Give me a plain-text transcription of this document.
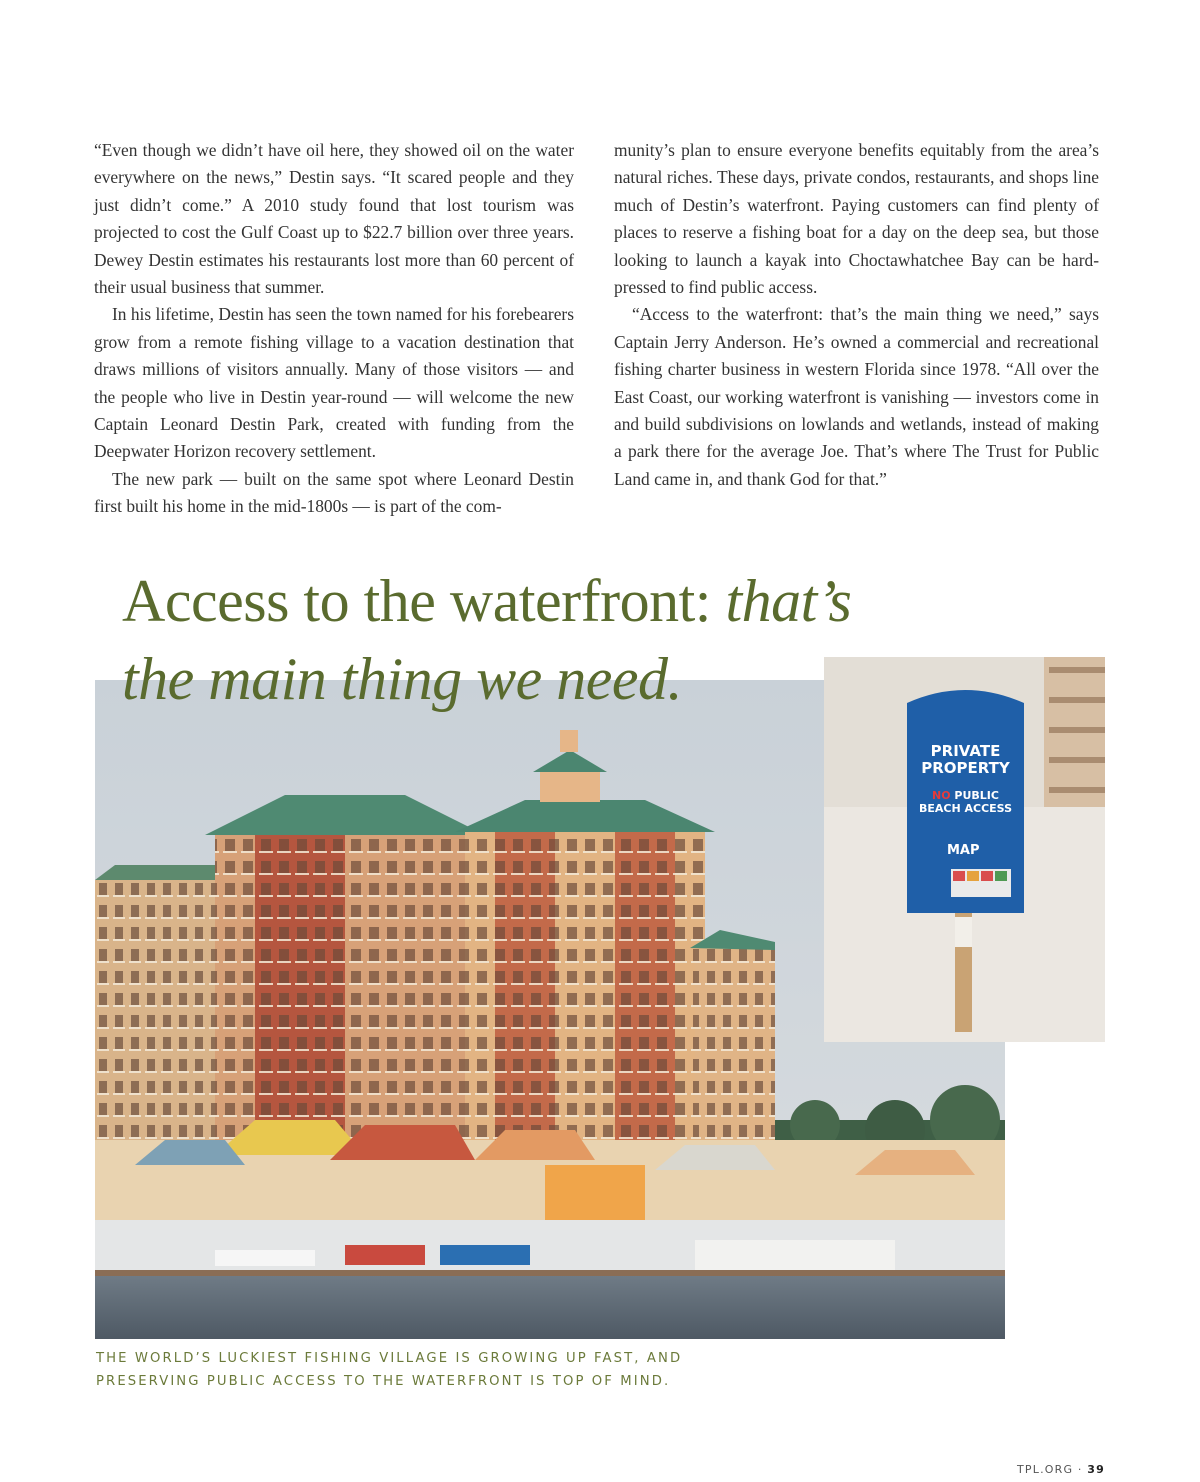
“Even though we didn’t have oil here, they showed oil on the water everywhere on the news,” Destin says. “It scared people and they just didn’t come.” A 2010 study found that lost tourism was projected to cost the Gulf Coast up to $22.7 billion over three years. Dewey Destin estimates his restaurants lost more than 60 percent of their usual business that summer.

In his lifetime, Destin has seen the town named for his forebearers grow from a remote fishing village to a vacation destination that draws millions of visitors annually. Many of those visitors — and the people who live in Destin year-round — will welcome the new Captain Leonard Destin Park, created with funding from the Deepwater Horizon recovery settlement.

The new park — built on the same spot where Leonard Destin first built his home in the mid-1800s — is part of the com-

munity’s plan to ensure everyone benefits equitably from the area’s natural riches. These days, private condos, restaurants, and shops line much of Destin’s waterfront. Paying customers can find plenty of places to reserve a fishing boat for a day on the deep sea, but those looking to launch a kayak into Choctawhatchee Bay can be hard-pressed to find public access.

“Access to the waterfront: that’s the main thing we need,” says Captain Jerry Anderson. He’s owned a commercial and recreational fishing charter business in western Florida since 1978. “All over the East Coast, our working waterfront is vanishing — investors come in and build subdivisions on lowlands and wetlands, instead of making a park there for the average Joe. That’s where The Trust for Public Land came in, and thank God for that.”

Access to the waterfront: that’s
the main thing we need.
PRIVATE
PROPERTY
NO PUBLIC
BEACH ACCESS
MAP
THE WORLD’S LUCKIEST FISHING VILLAGE IS GROWING UP FAST, AND
PRESERVING PUBLIC ACCESS TO THE WATERFRONT IS TOP OF MIND.
TPL.ORG · 39
